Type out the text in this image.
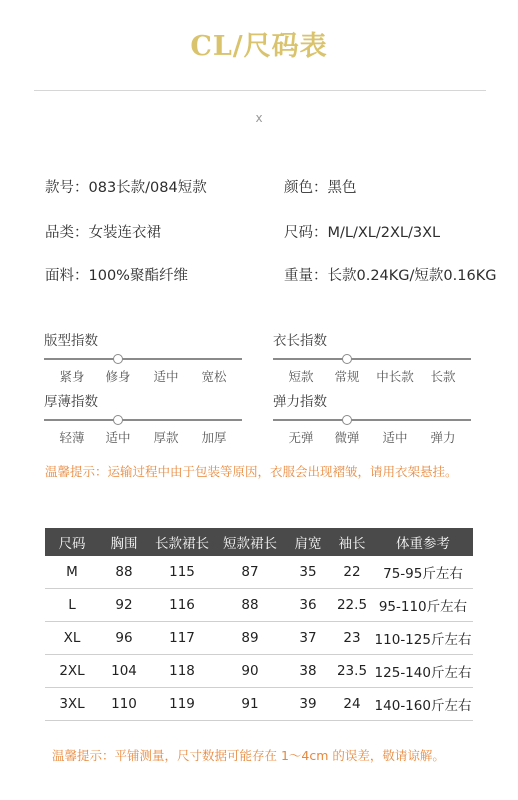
CL/尺码表
x
款号：083长款/084短款	颜色：黑色
品类：女装连衣裙	尺码：M/L/XL/2XL/3XL
面料：100%聚酯纤维	重量：长款0.24KG/短款0.16KG
版型指数
紧身	修身	适中	宽松
衣长指数
短款	常规	中长款	长款
厚薄指数
轻薄	适中	厚款	加厚
弹力指数
无弹	微弹	适中	弹力
温馨提示：运输过程中由于包装等原因，衣服会出现褶皱，请用衣架悬挂。
尺码	胸围	长款裙长	短款裙长	肩宽	袖长	体重参考
M	88	115	87	35	22	75-95斤左右
L	92	116	88	36	22.5	95-110斤左右
XL	96	117	89	37	23	110-125斤左右
2XL	104	118	90	38	23.5	125-140斤左右
3XL	110	119	91	39	24	140-160斤左右
温馨提示：平铺测量，尺寸数据可能存在 1～4cm 的误差，敬请谅解。
